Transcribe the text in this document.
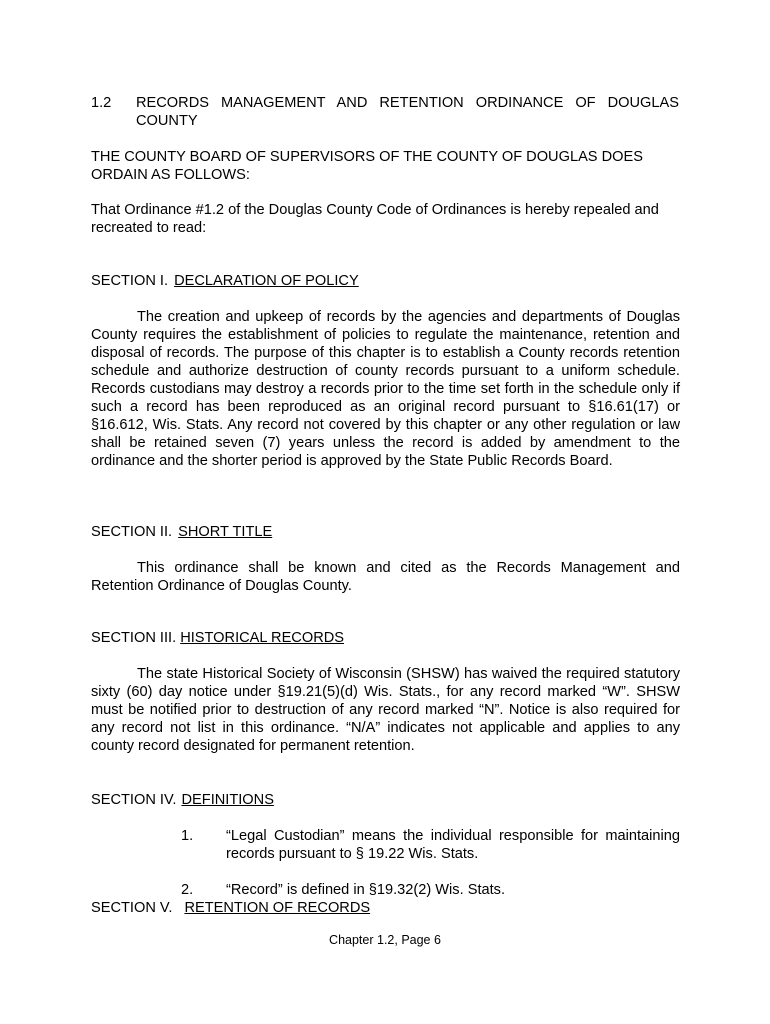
1.2 RECORDS MANAGEMENT AND RETENTION ORDINANCE OF DOUGLAS COUNTY

THE COUNTY BOARD OF SUPERVISORS OF THE COUNTY OF DOUGLAS DOES ORDAIN AS FOLLOWS:

That Ordinance #1.2 of the Douglas County Code of Ordinances is hereby repealed and recreated to read:

SECTION I. DECLARATION OF POLICY

The creation and upkeep of records by the agencies and departments of Douglas County requires the establishment of policies to regulate the maintenance, retention and disposal of records. The purpose of this chapter is to establish a County records retention schedule and authorize destruction of county records pursuant to a uniform schedule. Records custodians may destroy a records prior to the time set forth in the schedule only if such a record has been reproduced as an original record pursuant to §16.61(17) or §16.612, Wis. Stats. Any record not covered by this chapter or any other regulation or law shall be retained seven (7) years unless the record is added by amendment to the ordinance and the shorter period is approved by the State Public Records Board.

SECTION II. SHORT TITLE

This ordinance shall be known and cited as the Records Management and Retention Ordinance of Douglas County.

SECTION III. HISTORICAL RECORDS

The state Historical Society of Wisconsin (SHSW) has waived the required statutory sixty (60) day notice under §19.21(5)(d) Wis. Stats., for any record marked “W”. SHSW must be notified prior to destruction of any record marked “N”. Notice is also required for any record not list in this ordinance. “N/A” indicates not applicable and applies to any county record designated for permanent retention.

SECTION IV. DEFINITIONS
1. “Legal Custodian” means the individual responsible for maintaining records pursuant to § 19.22 Wis. Stats.

2. “Record” is defined in §19.32(2) Wis. Stats.

SECTION V. RETENTION OF RECORDS
Chapter 1.2, Page 6
